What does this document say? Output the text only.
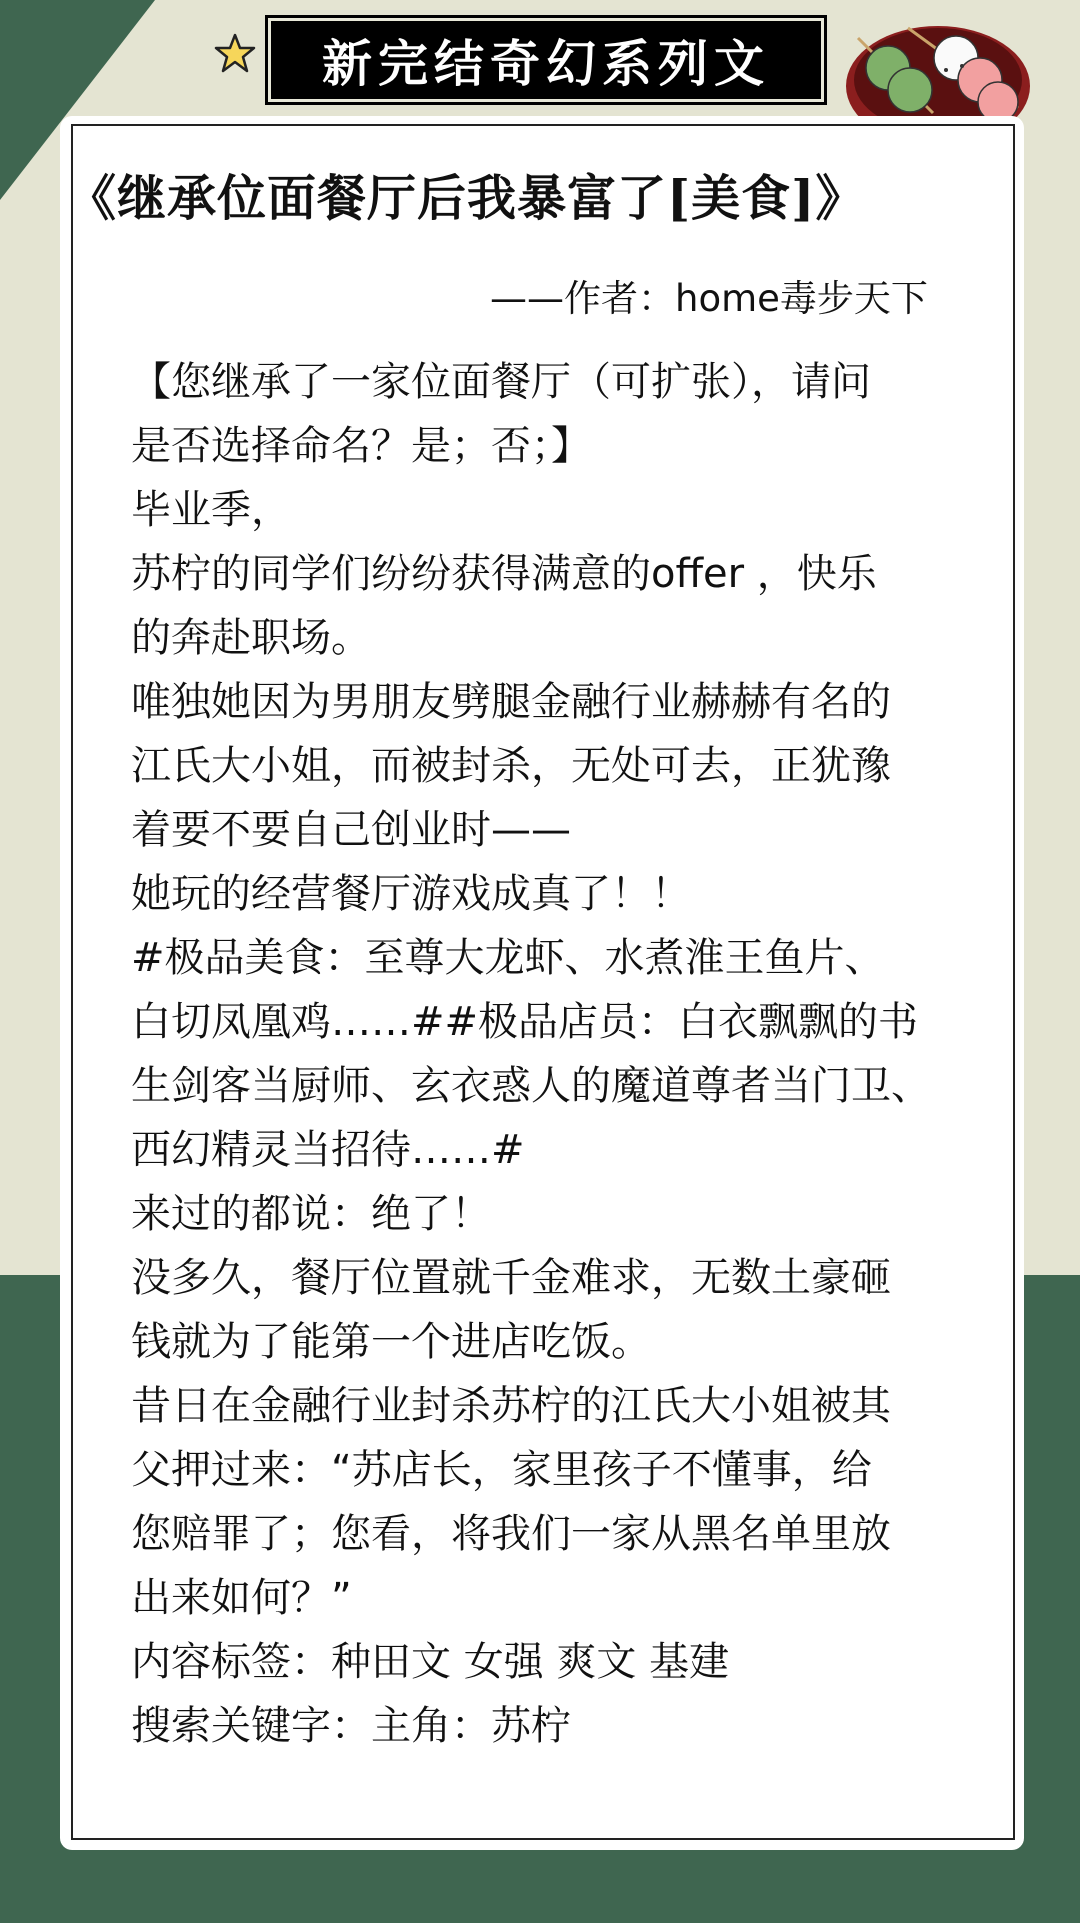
新完结奇幻系列文
《继承位面餐厅后我暴富了[美食]》
——作者：home毒步天下
【您继承了一家位面餐厅（可扩张），请问
是否选择命名？是；否；】
毕业季，
苏柠的同学们纷纷获得满意的offer ，快乐
的奔赴职场。
唯独她因为男朋友劈腿金融行业赫赫有名的
江氏大小姐，而被封杀，无处可去，正犹豫
着要不要自己创业时——
她玩的经营餐厅游戏成真了！！
#极品美食：至尊大龙虾、水煮淮王鱼片、
白切凤凰鸡……##极品店员：白衣飘飘的书
生剑客当厨师、玄衣惑人的魔道尊者当门卫、
西幻精灵当招待……#
来过的都说：绝了！
没多久，餐厅位置就千金难求，无数土豪砸
钱就为了能第一个进店吃饭。
昔日在金融行业封杀苏柠的江氏大小姐被其
父押过来：“苏店长，家里孩子不懂事，给
您赔罪了；您看，将我们一家从黑名单里放
出来如何？”
内容标签：种田文 女强 爽文 基建
搜索关键字：主角：苏柠
